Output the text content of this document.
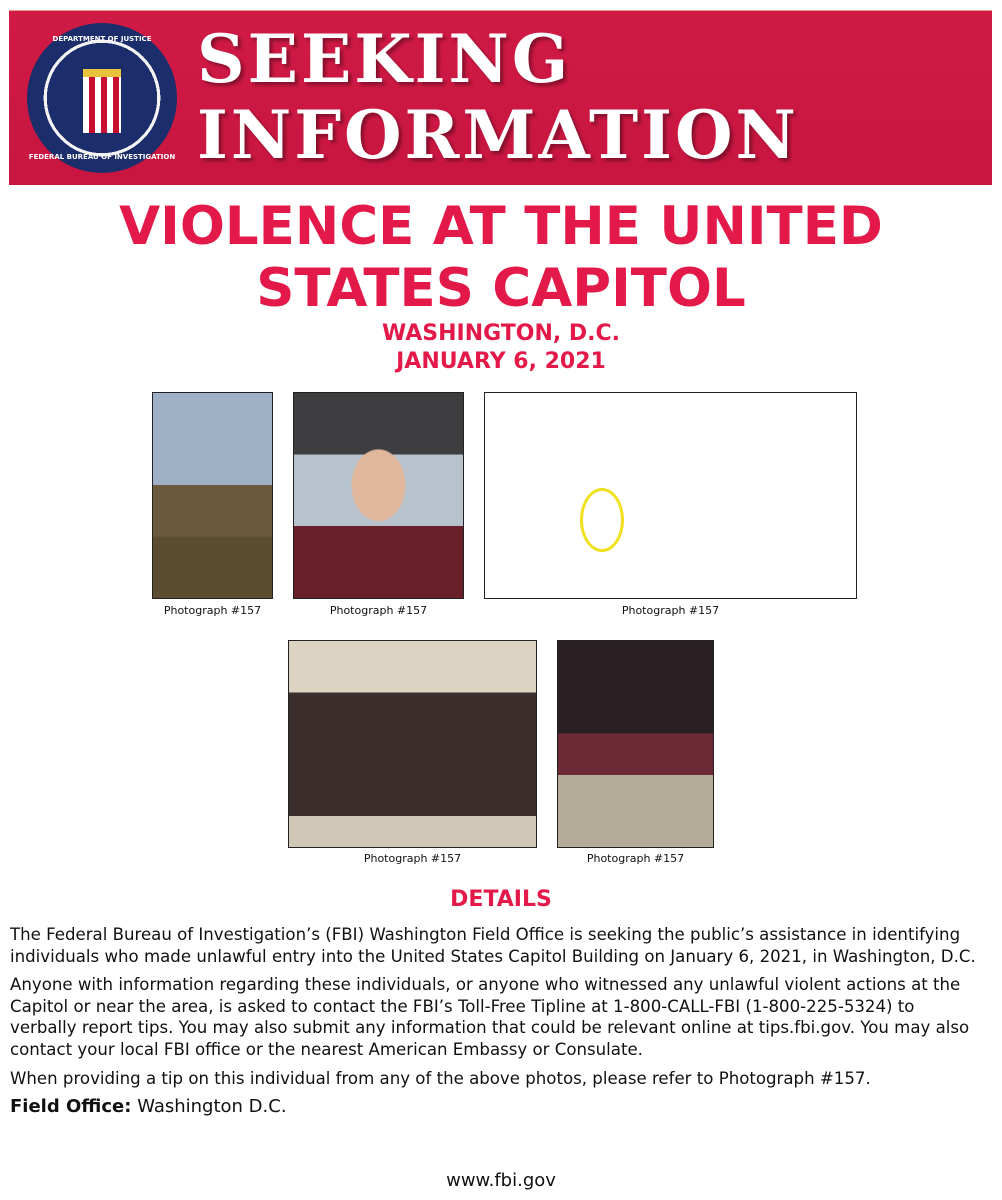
DEPARTMENT OF JUSTICE
FEDERAL BUREAU OF INVESTIGATION
SEEKING
INFORMATION
VIOLENCE AT THE UNITED
STATES CAPITOL
WASHINGTON, D.C.
JANUARY 6, 2021
Photograph #157	Photograph #157	Photograph #157
Photograph #157	Photograph #157
DETAILS

The Federal Bureau of Investigation’s (FBI) Washington Field Office is seeking the public’s assistance in identifying individuals who made unlawful entry into the United States Capitol Building on January 6, 2021, in Washington, D.C.

Anyone with information regarding these individuals, or anyone who witnessed any unlawful violent actions at the Capitol or near the area, is asked to contact the FBI’s Toll-Free Tipline at 1-800-CALL-FBI (1-800-225-5324) to verbally report tips. You may also submit any information that could be relevant online at tips.fbi.gov. You may also contact your local FBI office or the nearest American Embassy or Consulate.

When providing a tip on this individual from any of the above photos, please refer to Photograph #157.

Field Office: Washington D.C.

www.fbi.gov
